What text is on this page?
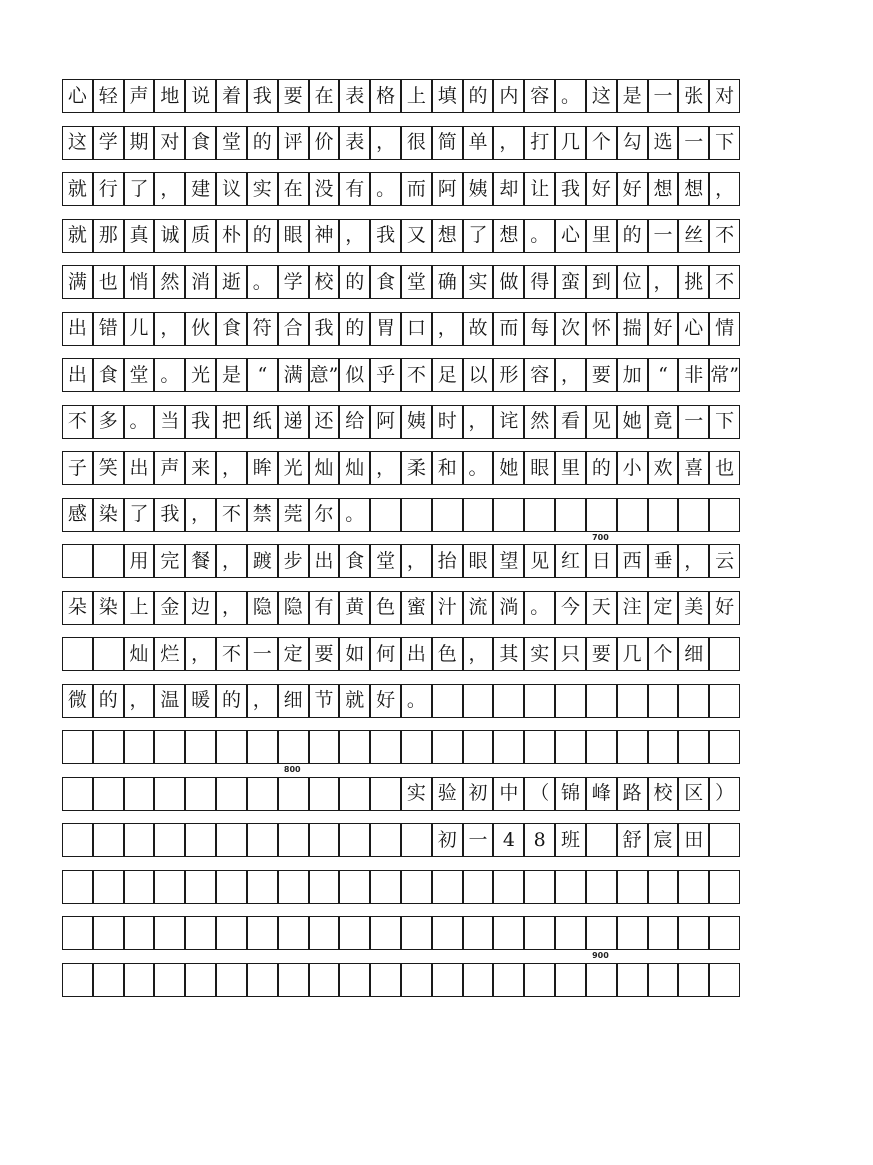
心 轻 声 地 说 着 我 要 在 表 格 上 填 的 内 容 。 这 是 一 张 对
这 学 期 对 食 堂 的 评 价 表 ， 很 简 单 ， 打 几 个 勾 选 一 下
就 行 了 ， 建 议 实 在 没 有 。 而 阿 姨 却 让 我 好 好 想 想 ，
就 那 真 诚 质 朴 的 眼 神 ， 我 又 想 了 想 。 心 里 的 一 丝 不
满 也 悄 然 消 逝 。 学 校 的 食 堂 确 实 做 得 蛮 到 位 ， 挑 不
出 错 儿 ， 伙 食 符 合 我 的 胃 口 ， 故 而 每 次 怀 揣 好 心 情
出 食 堂 。 光 是 “ 满 意” 似 乎 不 足 以 形 容 ， 要 加 “ 非 常”
不 多 。 当 我 把 纸 递 还 给 阿 姨 时 ， 诧 然 看 见 她 竟 一 下
子 笑 出 声 来 ， 眸 光 灿 灿 ， 柔 和 。 她 眼 里 的 小 欢 喜 也
感 染 了 我 ， 不 禁 莞 尔 。
用 完 餐 ， 踱 步 出 食 堂 ， 抬 眼 望 见 红 日 西 垂 ， 云
朵 染 上 金 边 ， 隐 隐 有 黄 色 蜜 汁 流 淌 。 今 天 注 定 美 好
灿 烂 ， 不 一 定 要 如 何 出 色 ， 其 实 只 要 几 个 细
微 的 ， 温 暖 的 ， 细 节 就 好 。
实 验 初 中 （ 锦 峰 路 校 区 ）
初 一 4 8 班	舒 宸 田
700
800
900
